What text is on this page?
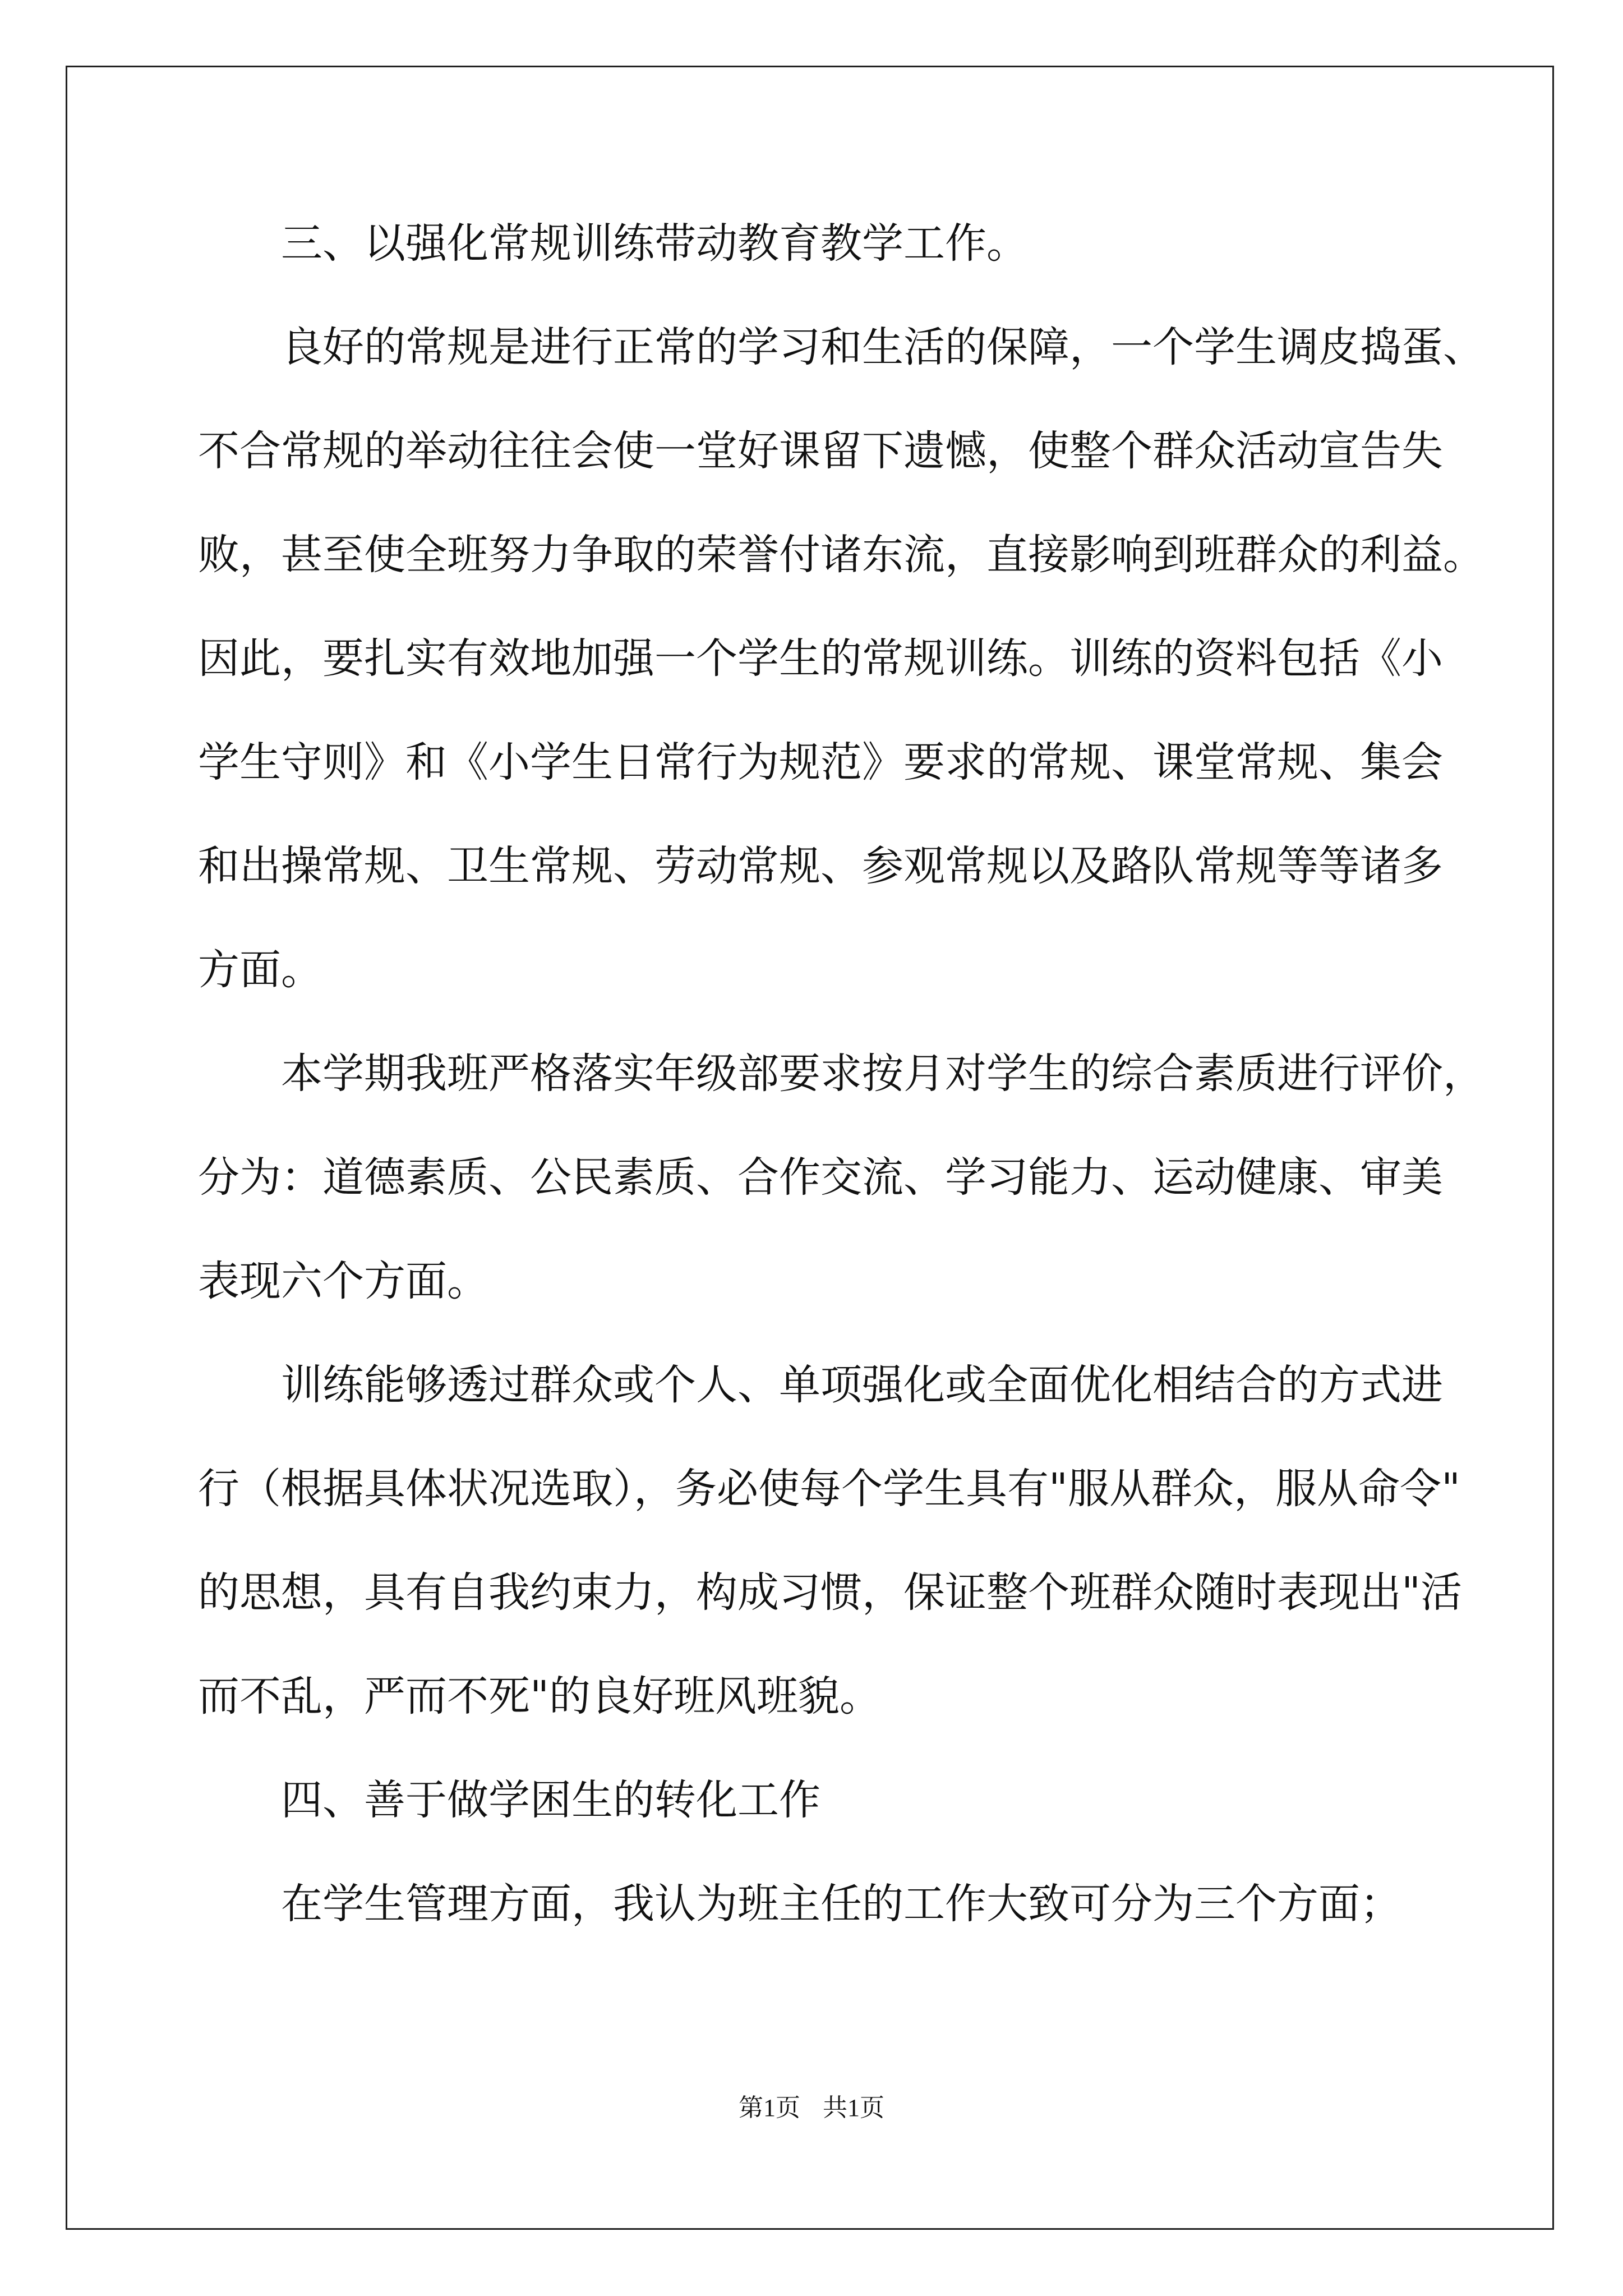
三、以强化常规训练带动教育教学工作。
良好的常规是进行正常的学习和生活的保障，一个学生调皮捣蛋、
不合常规的举动往往会使一堂好课留下遗憾，使整个群众活动宣告失
败，甚至使全班努力争取的荣誉付诸东流，直接影响到班群众的利益。
因此，要扎实有效地加强一个学生的常规训练。训练的资料包括《小
学生守则》和《小学生日常行为规范》要求的常规、课堂常规、集会
和出操常规、卫生常规、劳动常规、参观常规以及路队常规等等诸多
方面。
本学期我班严格落实年级部要求按月对学生的综合素质进行评价，
分为：道德素质、公民素质、合作交流、学习能力、运动健康、审美
表现六个方面。
训练能够透过群众或个人、单项强化或全面优化相结合的方式进
行（根据具体状况选取），务必使每个学生具有"服从群众，服从命令"
的思想，具有自我约束力，构成习惯，保证整个班群众随时表现出"活
而不乱，严而不死"的良好班风班貌。
四、善于做学困生的转化工作
在学生管理方面，我认为班主任的工作大致可分为三个方面；
第1页 共1页
